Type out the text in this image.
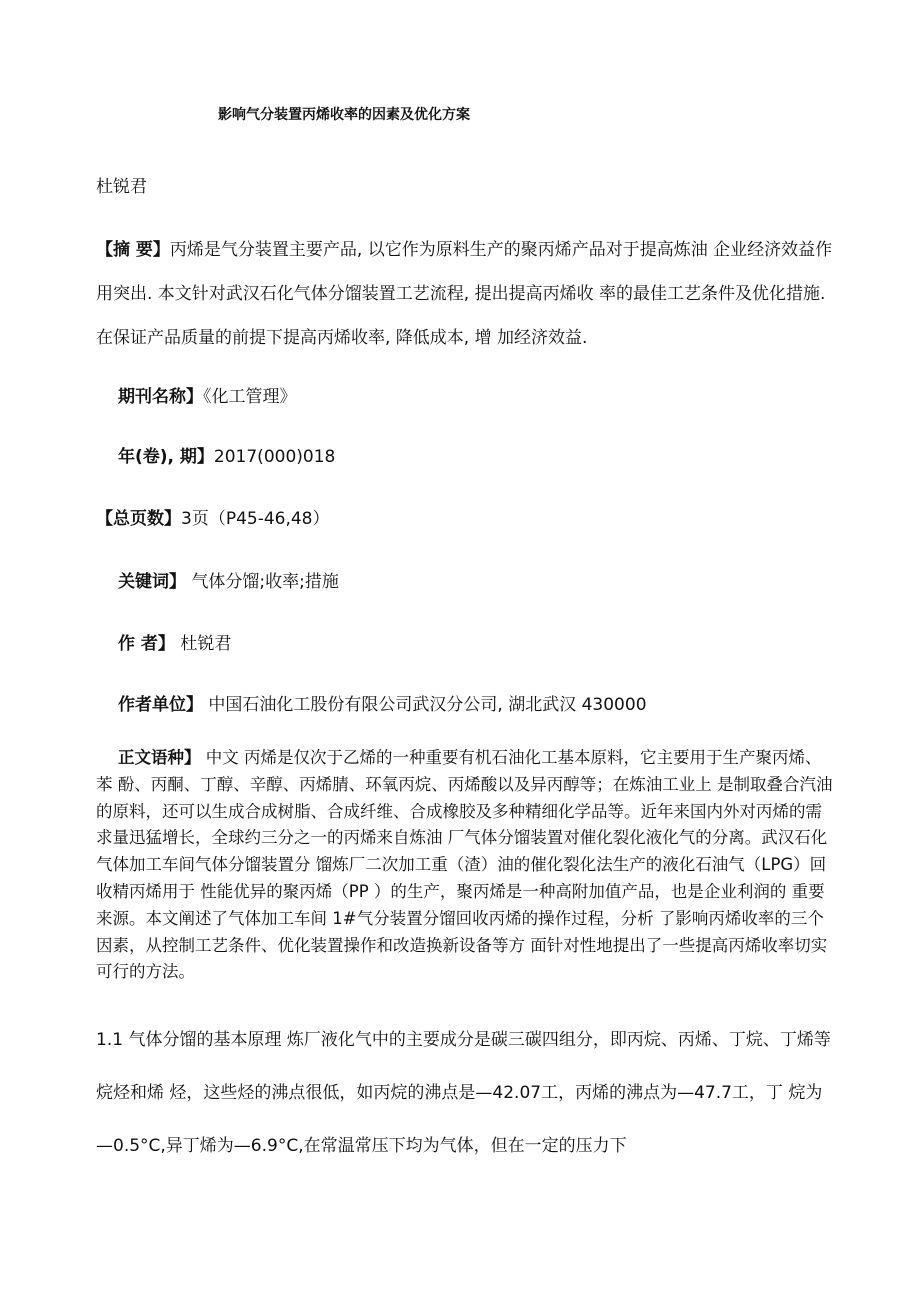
影响气分装置丙烯收率的因素及优化方案
杜锐君
【摘 要】丙烯是气分装置主要产品, 以它作为原料生产的聚丙烯产品对于提高炼油 企业经济效益作用突出. 本文针对武汉石化气体分馏装置工艺流程, 提出提高丙烯收 率的最佳工艺条件及优化措施. 在保证产品质量的前提下提高丙烯收率, 降低成本, 增 加经济效益.
期刊名称】《化工管理》
年(卷), 期】2017(000)018
【总页数】3页（P45-46,48）
关键词】 气体分馏;收率;措施
作 者】 杜锐君
作者单位】 中国石油化工股份有限公司武汉分公司, 湖北武汉 430000
正文语种】 中文 丙烯是仅次于乙烯的一种重要有机石油化工基本原料，它主要用于生产聚丙烯、苯 酚、丙酮、丁醇、辛醇、丙烯腈、环氧丙烷、丙烯酸以及异丙醇等；在炼油工业上 是制取叠合汽油的原料，还可以生成合成树脂、合成纤维、合成橡胶及多种精细化学品等。近年来国内外对丙烯的需求量迅猛增长，全球约三分之一的丙烯来自炼油 厂气体分馏装置对催化裂化液化气的分离。武汉石化气体加工车间气体分馏装置分 馏炼厂二次加工重（渣）油的催化裂化法生产的液化石油气（LPG）回收精丙烯用于 性能优异的聚丙烯（PP ）的生产，聚丙烯是一种高附加值产品，也是企业利润的 重要来源。本文阐述了气体加工车间 1#气分装置分馏回收丙烯的操作过程，分析 了影响丙烯收率的三个因素，从控制工艺条件、优化装置操作和改造换新设备等方 面针对性地提出了一些提高丙烯收率切实可行的方法。
1.1 气体分馏的基本原理 炼厂液化气中的主要成分是碳三碳四组分，即丙烷、丙烯、丁烷、丁烯等烷烃和烯 烃，这些烃的沸点很低，如丙烷的沸点是—42.07工，丙烯的沸点为—47.7工，丁 烷为—0.5°C,异丁烯为—6.9°C,在常温常压下均为气体，但在一定的压力下
